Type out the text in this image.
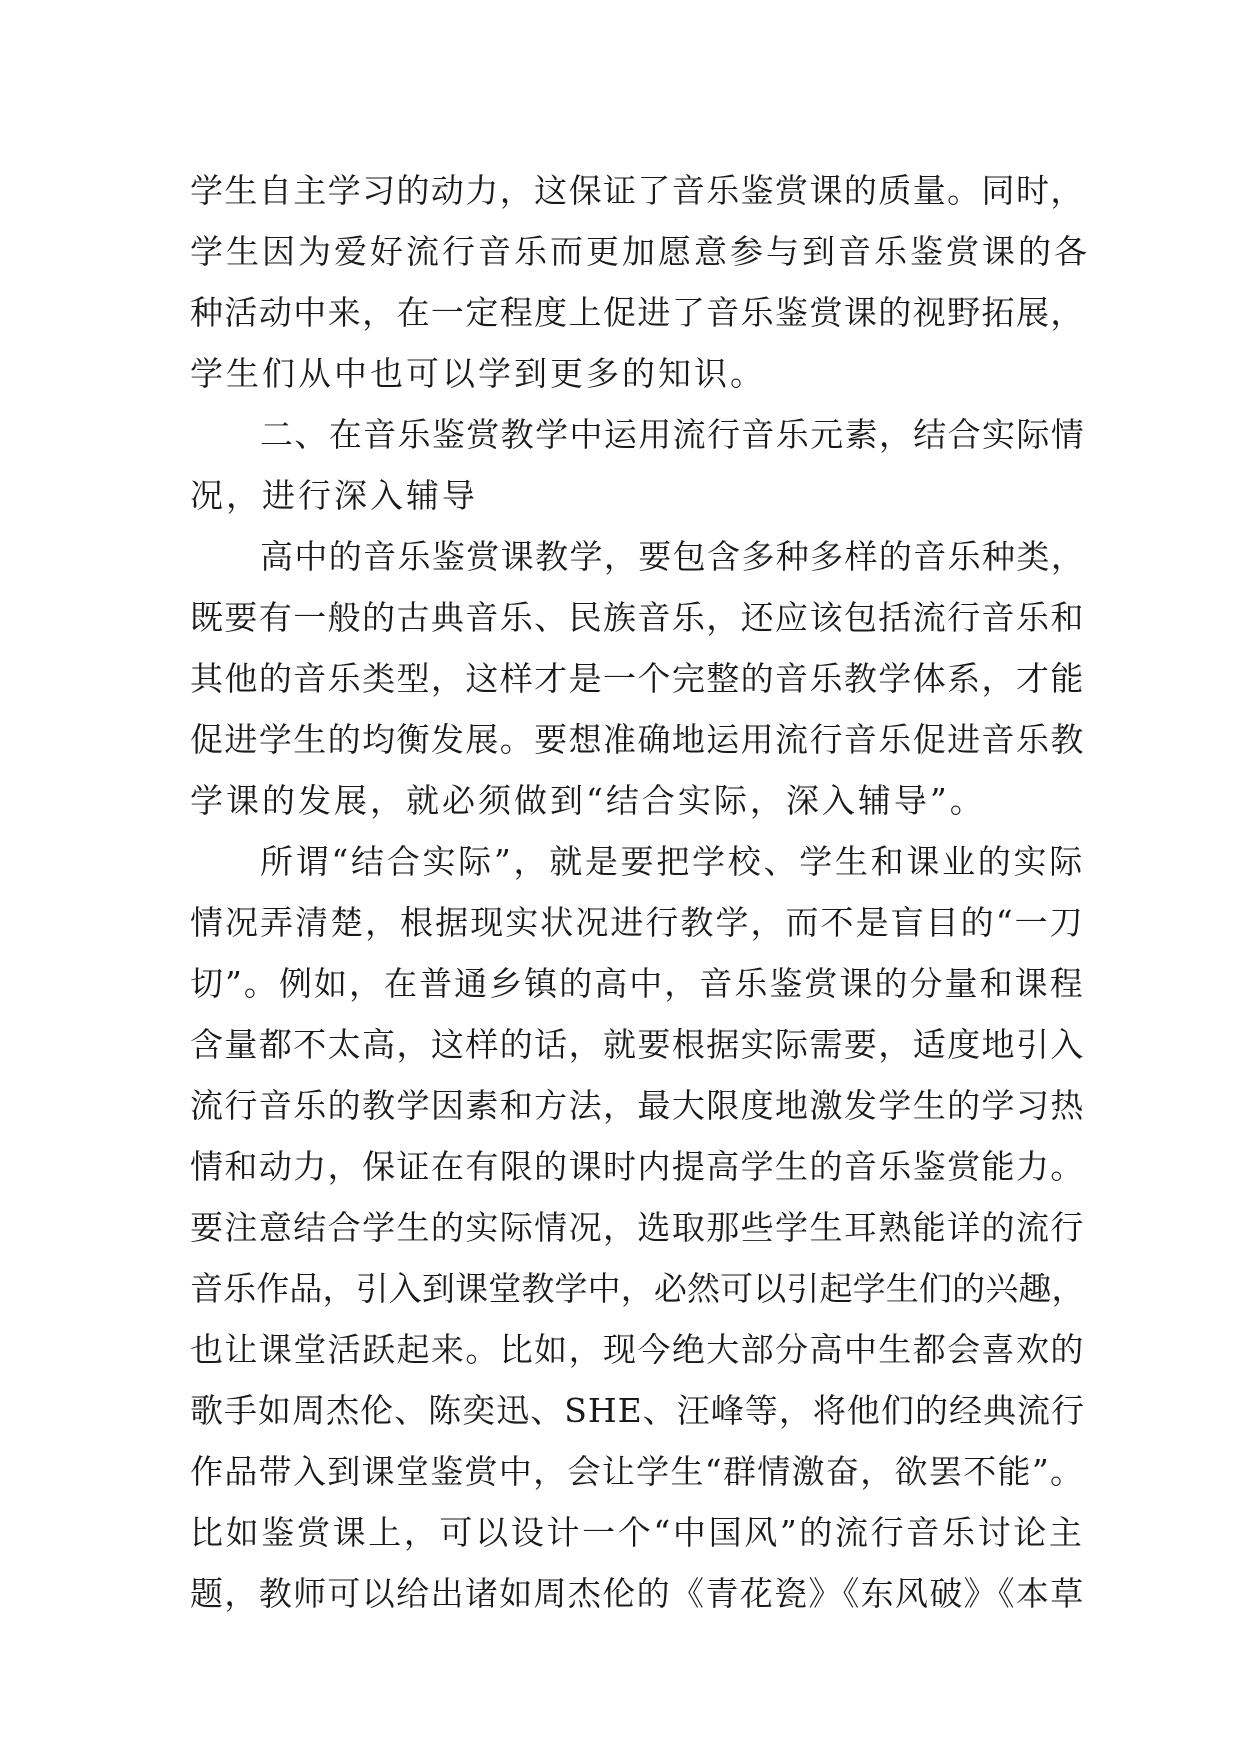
学生自主学习的动力，这保证了音乐鉴赏课的质量。同时，
学生因为爱好流行音乐而更加愿意参与到音乐鉴赏课的各
种活动中来，在一定程度上促进了音乐鉴赏课的视野拓展，
学生们从中也可以学到更多的知识。
二、在音乐鉴赏教学中运用流行音乐元素，结合实际情
况，进行深入辅导
高中的音乐鉴赏课教学，要包含多种多样的音乐种类，
既要有一般的古典音乐、民族音乐，还应该包括流行音乐和
其他的音乐类型，这样才是一个完整的音乐教学体系，才能
促进学生的均衡发展。要想准确地运用流行音乐促进音乐教
学课的发展，就必须做到“结合实际，深入辅导”。
所谓“结合实际”，就是要把学校、学生和课业的实际
情况弄清楚，根据现实状况进行教学，而不是盲目的“一刀
切”。例如，在普通乡镇的高中，音乐鉴赏课的分量和课程
含量都不太高，这样的话，就要根据实际需要，适度地引入
流行音乐的教学因素和方法，最大限度地激发学生的学习热
情和动力，保证在有限的课时内提高学生的音乐鉴赏能力。
要注意结合学生的实际情况，选取那些学生耳熟能详的流行
音乐作品，引入到课堂教学中，必然可以引起学生们的兴趣，
也让课堂活跃起来。比如，现今绝大部分高中生都会喜欢的
歌手如周杰伦、陈奕迅、SHE、汪峰等，将他们的经典流行
作品带入到课堂鉴赏中，会让学生“群情激奋，欲罢不能”。
比如鉴赏课上，可以设计一个“中国风”的流行音乐讨论主
题，教师可以给出诸如周杰伦的《青花瓷》《东风破》《本草
